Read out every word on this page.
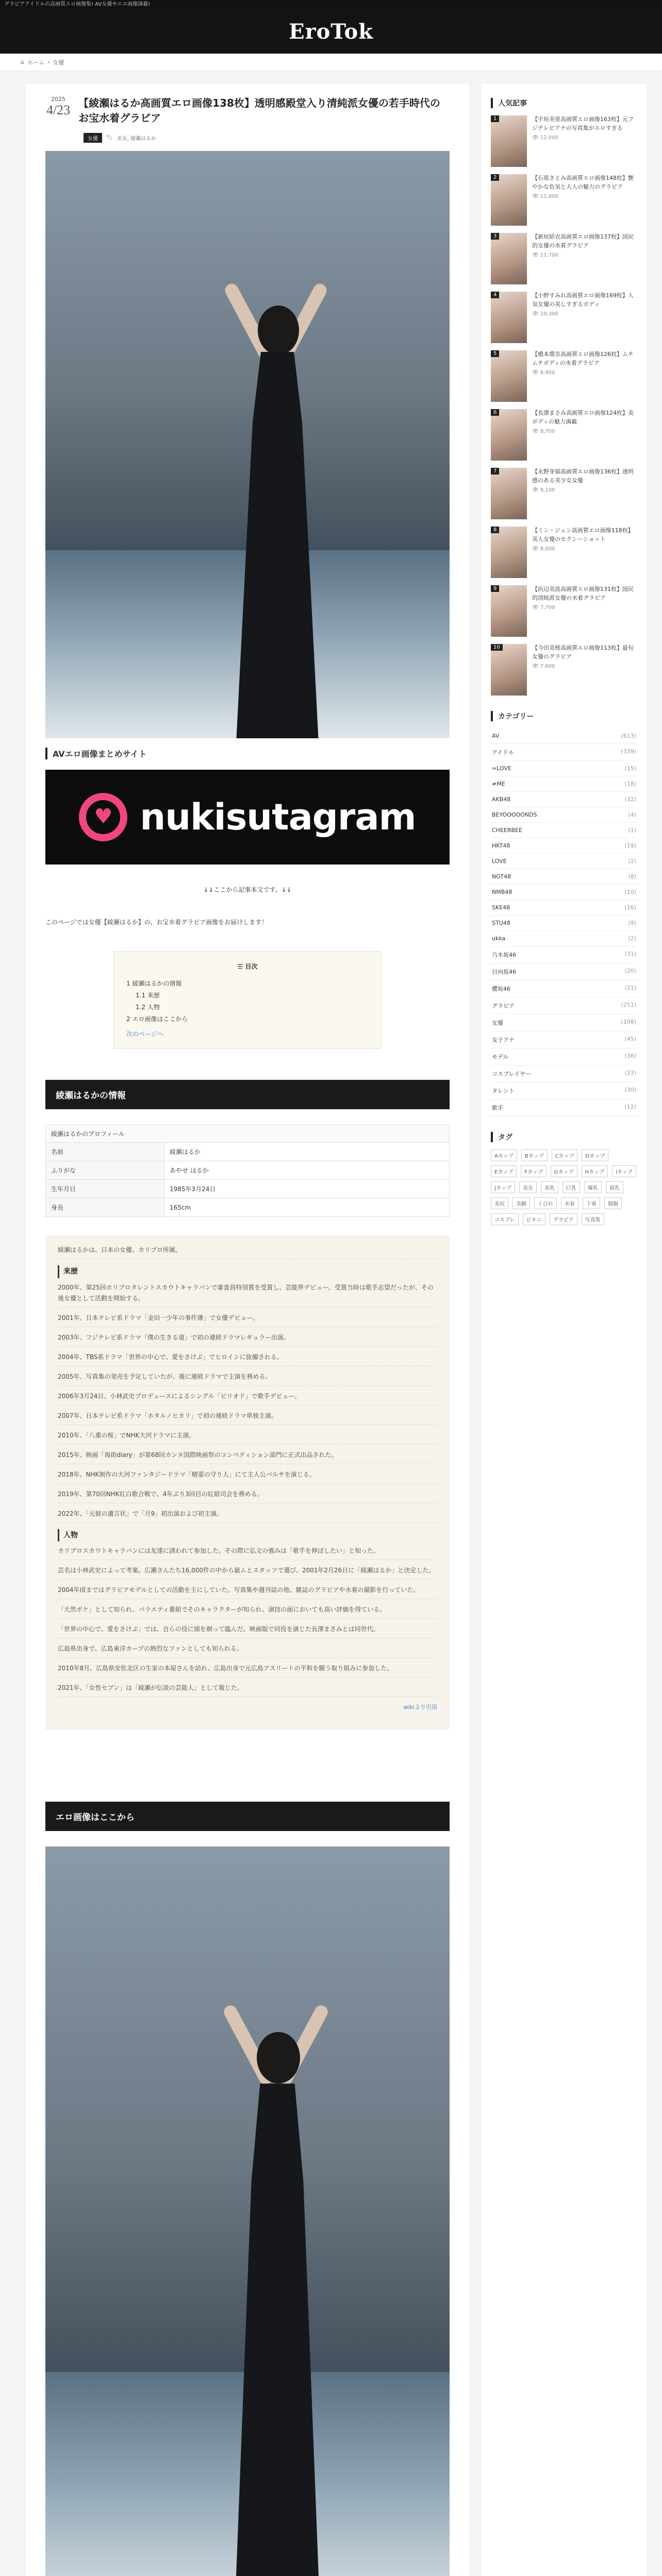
グラビアアイドルの高画質エロ画像集! AV女優やエロ画像満載!
EroTok
⌂ ホーム › 女優
2025
4/23 【綾瀬はるか高画質エロ画像138枚】透明感殿堂入り清純派女優の若手時代のお宝水着グラビア
女優	🏷 美女, 綾瀬はるか
AVエロ画像まとめサイト
♥
nukisutagram

↓↓ここから記事本文です。↓↓

このページでは女優【綾瀬はるか】の、お宝水着グラビア画像をお届けします！

☰ 目次
1 綾瀬はるかの情報
1.1 来歴
1.2 人物
2 エロ画像はここから
次のページへ
綾瀬はるかの情報
綾瀬はるかのプロフィール
名前	綾瀬はるか
ふりがな	あやせ はるか
生年月日	1985年3月24日
身長	165cm

綾瀬はるかは、日本の女優、カリプロ所属。

来歴

2000年、第25回ホリプロタレントスカウトキャラバンで審査員特別賞を受賞し、芸能界デビュー。受賞当時は歌手志望だったが、その後女優として活動を開始する。

2001年、日本テレビ系ドラマ「金田一少年の事件簿」で女優デビュー。

2003年、フジテレビ系ドラマ「僕の生きる道」で初の連続ドラマレギュラー出演。

2004年、TBS系ドラマ「世界の中心で、愛をさけぶ」でヒロインに抜擢される。

2005年、写真集の発売を予定していたが、後に連続ドラマで主演を務める。

2006年3月24日、小林武史プロデュースによるシングル「ピリオド」で歌手デビュー。

2007年、日本テレビ系ドラマ「ホタルノヒカリ」で初の連続ドラマ単独主演。

2010年、「八重の桜」でNHK大河ドラマに主演。

2015年、映画「海街diary」が第68回カンヌ国際映画祭のコンペティション部門に正式出品された。

2018年、NHK制作の大河ファンタジードラマ「精霊の守り人」にて主人公バルサを演じる。

2019年、第70回NHK紅白歌合戦で、4年ぶり3回目の紅組司会を務める。

2022年、「元彼の遺言状」で「月9」初出演および初主演。

人物

カリプロスカウトキャラバンには友達に誘われて参加した。その際に弘文の強みは「歌手を伸ばしたい」と知った。

芸名は小林武史によって考案。広瀬さんたち16,000件の中から最ムとスタッフで選び、2001年2月26日に「綾瀬はるか」と決定した。

2004年頃まではグラビアモデルとしての活動を主にしていた。写真集や週刊誌の他、雑誌のグラビアや水着の撮影を行っていた。

「天然ボケ」として知られ、バラエティ番組でそのキャラクターが知られ、演技の面においても高い評価を得ている。

「世界の中心で、愛をさけぶ」では、自らの役に頭を剃って臨んだ。映画版で同役を演じた長澤まさみとは同世代。

広島県出身で、広島東洋カープの熱烈なファンとしても知られる。

2010年8月、広島県安佐北区の生家の本屋さんを訪れ、広島出身で元広島アスリートの平和を願う取り組みに参加した。

2021年、「女性セブン」は「綾瀬が伝説の芸能人」として報じた。

wikiより引用

エロ画像はここから
人気記事
1	【宇垣美里高画質エロ画像163枚】元フジテレビアナの写真集がエロすぎる
👁 12,000
2	【石原さとみ高画質エロ画像148枚】艶やかな色気と大人の魅力のグラビア
👁 11,800
3	【新垣結衣高画質エロ画像137枚】国民的女優の水着グラビア
👁 11,700
4	【小野すみれ高画質エロ画像169枚】人気女優の美しすぎるボディ
👁 10,300
5	【橋本環奈高画質エロ画像126枚】ムチムチボディの水着グラビア
👁 8,900
6	【長澤まさみ高画質エロ画像124枚】美ボディの魅力満載
👁 8,700
7	【永野芽郁高画質エロ画像136枚】透明感のある美少女女優
👁 8,100
8	【ミン・ジュン高画質エロ画像118枚】美人女優のセクシーショット
👁 8,000
9	【浜辺美波高画質エロ画像131枚】国民的清純派女優の水着グラビア
👁 7,700
10	【今田美桜高画質エロ画像113枚】最旬女優のグラビア
👁 7,600
カテゴリー
AV	(613)
アイドル	(339)
=LOVE	(15)
≠ME	(18)
AKB48	(32)
BEYOOOOONDS	(4)
CHEERBEE	(1)
HKT48	(19)
LOVE	(2)
NGT48	(8)
NMB48	(10)
SKE48	(16)
STU48	(9)
ukka	(2)
乃木坂46	(31)
日向坂46	(20)
櫻坂46	(21)
グラビア	(251)
女優	(108)
女子アナ	(45)
モデル	(36)
コスプレイヤー	(23)
タレント	(30)
歌手	(12)
タグ
Aカップ	Bカップ	Cカップ	Dカップ
Eカップ	Fカップ	Gカップ	Hカップ	Iカップ
Jカップ	美女	美乳	巨乳	爆乳	貧乳
美尻	美脚	くびれ	水着	下着	制服
コスプレ	ビキニ	グラビア	写真集
